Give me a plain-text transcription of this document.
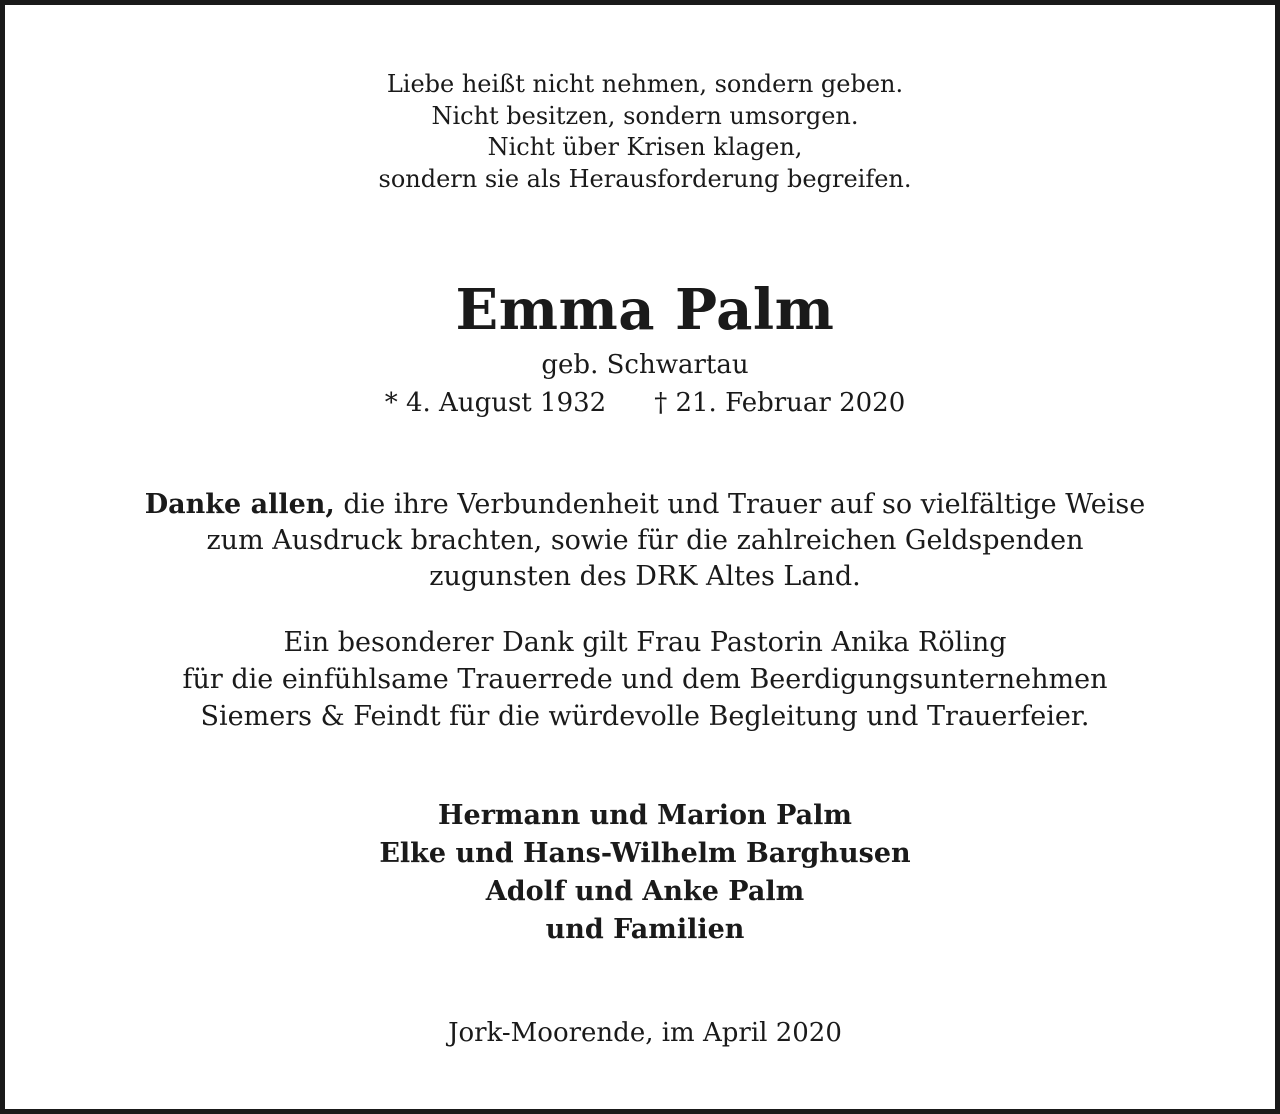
Liebe heißt nicht nehmen, sondern geben.
Nicht besitzen, sondern umsorgen.
Nicht über Krisen klagen,
sondern sie als Herausforderung begreifen.
Emma Palm
geb. Schwartau
* 4. August 1932 † 21. Februar 2020
Danke allen, die ihre Verbundenheit und Trauer auf so vielfältige Weise
zum Ausdruck brachten, sowie für die zahlreichen Geldspenden
zugunsten des DRK Altes Land.
Ein besonderer Dank gilt Frau Pastorin Anika Röling
für die einfühlsame Trauerrede und dem Beerdigungsunternehmen
Siemers & Feindt für die würdevolle Begleitung und Trauerfeier.
Hermann und Marion Palm
Elke und Hans-Wilhelm Barghusen
Adolf und Anke Palm
und Familien
Jork-Moorende, im April 2020
